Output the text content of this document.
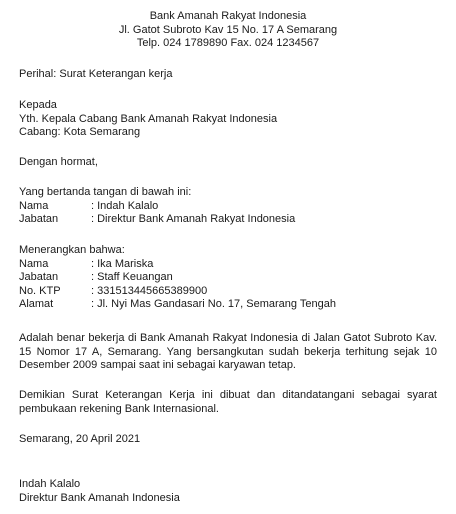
Bank Amanah Rakyat Indonesia
Jl. Gatot Subroto Kav 15 No. 17 A Semarang
Telp. 024 1789890 Fax. 024 1234567
Perihal: Surat Keterangan kerja
Kepada
Yth. Kepala Cabang Bank Amanah Rakyat Indonesia
Cabang: Kota Semarang
Dengan hormat,
Yang bertanda tangan di bawah ini:
Nama	: Indah Kalalo
Jabatan	: Direktur Bank Amanah Rakyat Indonesia
Menerangkan bahwa:
Nama	: Ika Mariska
Jabatan	: Staff Keuangan
No. KTP	: 331513445665389900
Alamat	: Jl. Nyi Mas Gandasari No. 17, Semarang Tengah
Adalah benar bekerja di Bank Amanah Rakyat Indonesia di Jalan Gatot Subroto Kav. 15 Nomor 17 A, Semarang. Yang bersangkutan sudah bekerja terhitung sejak 10 Desember 2009 sampai saat ini sebagai karyawan tetap.
Demikian Surat Keterangan Kerja ini dibuat dan ditandatangani sebagai syarat pembukaan rekening Bank Internasional.
Semarang, 20 April 2021
Indah Kalalo
Direktur Bank Amanah Indonesia
